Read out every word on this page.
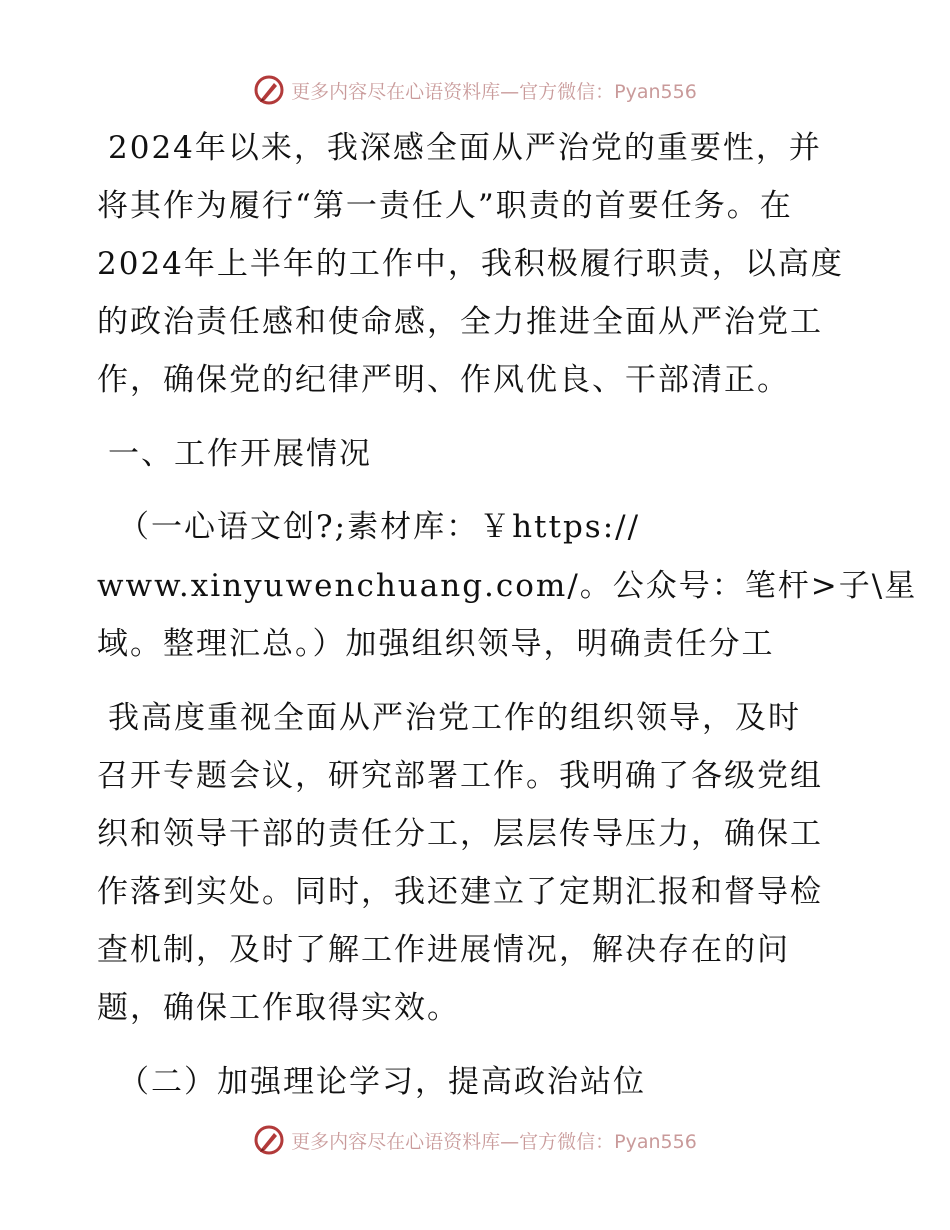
更多内容尽在心语资料库—官方微信：Pyan556
2024年以来，我深感全面从严治党的重要性，并
将其作为履行“第一责任人”职责的首要任务。在
2024年上半年的工作中，我积极履行职责，以高度
的政治责任感和使命感，全力推进全面从严治党工
作，确保党的纪律严明、作风优良、干部清正。
一、工作开展情况
（一心语文创?;素材库：￥https://
www.xinyuwenchuang.com/。公众号：笔杆>子\星
域。整理汇总。）加强组织领导，明确责任分工
我高度重视全面从严治党工作的组织领导，及时
召开专题会议，研究部署工作。我明确了各级党组
织和领导干部的责任分工，层层传导压力，确保工
作落到实处。同时，我还建立了定期汇报和督导检
查机制，及时了解工作进展情况，解决存在的问
题，确保工作取得实效。
（二）加强理论学习，提高政治站位
更多内容尽在心语资料库—官方微信：Pyan556
